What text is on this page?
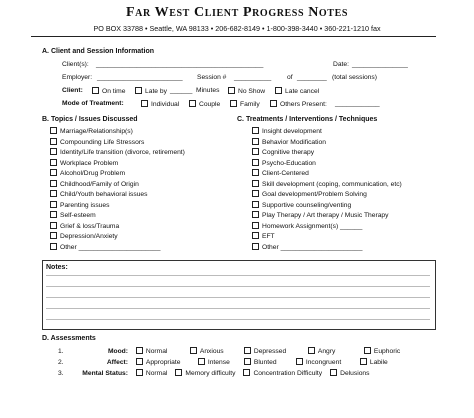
Far West Client Progress Notes
PO BOX 33788 • Seattle, WA 98133 • 206-682-8149 • 1-800-398-3440 • 360-221-1210 fax
A. Client and Session Information
Client(s): _____________________________________________	Date: _______________
Employer: _______________________ Session # __________ of ________ (total sessions)
Client:	On time	Late by ______ Minutes	No Show	Late cancel
Mode of Treatment:	Individual	Couple	Family	Others Present: ____________
B. Topics / Issues Discussed	C. Treatments / Interventions / Techniques
Marriage/Relationship(s)
Compounding Life Stressors
Identity/Life transition (divorce, retirement)
Workplace Problem
Alcohol/Drug Problem
Childhood/Family of Origin
Child/Youth behavioral issues
Parenting issues
Self-esteem
Grief & loss/Trauma
Depression/Anxiety
Other ______________________
Insight development
Behavior Modification
Cognitive therapy
Psycho-Education
Client-Centered
Skill development (coping, communication, etc)
Goal development/Problem Solving
Supportive counseling/venting
Play Therapy / Art therapy / Music Therapy
Homework Assignment(s) ______
EFT
Other ______________________
Notes:
D. Assessments
1.	Mood:	Normal	Anxious	Depressed	Angry	Euphoric
2.	Affect:	Appropriate	Intense	Blunted	Incongruent	Labile
3.	Mental Status:	Normal	Memory difficulty	Concentration Difficulty	Delusions
